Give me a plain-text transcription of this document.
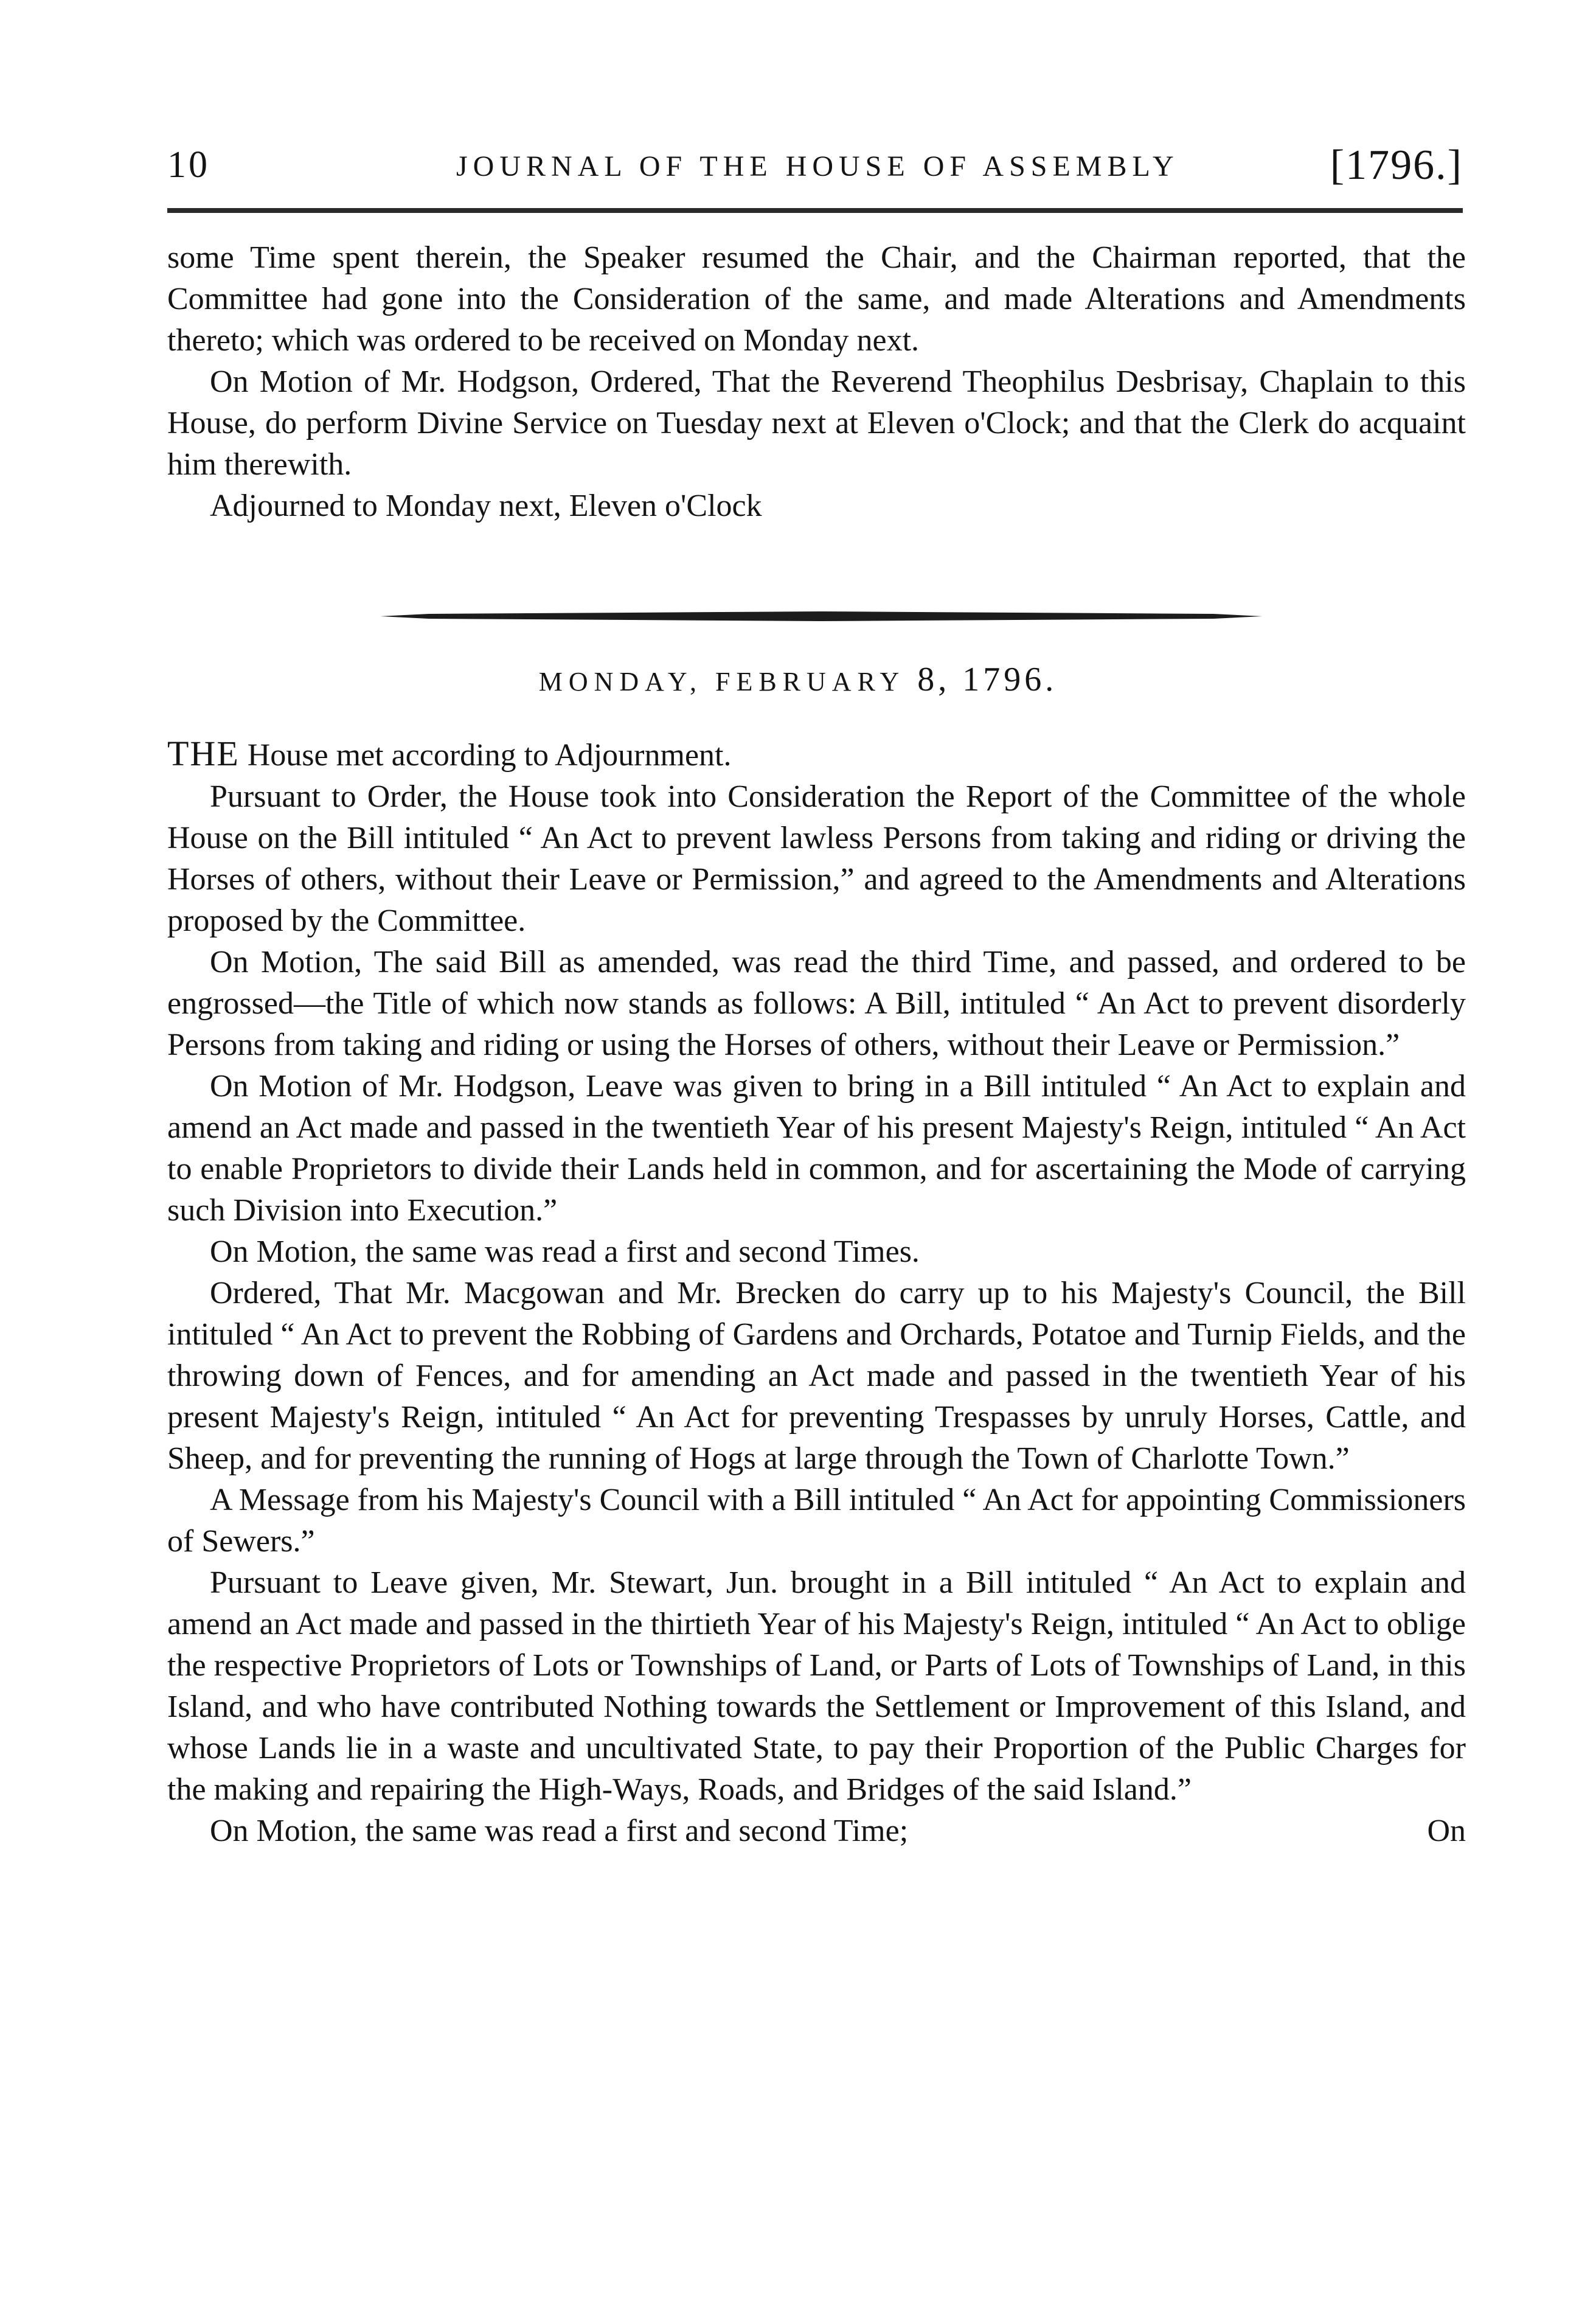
10	JOURNAL OF THE HOUSE OF ASSEMBLY	[1796.]

some Time spent therein, the Speaker resumed the Chair, and the Chairman reported, that the Committee had gone into the Consideration of the same, and made Alterations and Amendments thereto; which was ordered to be received on Monday next.

On Motion of Mr. Hodgson, Ordered, That the Reverend Theophilus Desbrisay, Chaplain to this House, do perform Divine Service on Tuesday next at Eleven o'Clock; and that the Clerk do acquaint him therewith.

Adjourned to Monday next, Eleven o'Clock

MONDAY, FEBRUARY 8, 1796.

THE House met according to Adjournment.

Pursuant to Order, the House took into Consideration the Report of the Committee of the whole House on the Bill intituled “ An Act to prevent lawless Persons from taking and riding or driving the Horses of others, without their Leave or Permission,” and agreed to the Amendments and Alterations proposed by the Committee.

On Motion, The said Bill as amended, was read the third Time, and passed, and ordered to be engrossed—the Title of which now stands as follows: A Bill, intituled “ An Act to prevent disorderly Persons from taking and riding or using the Horses of others, without their Leave or Permission.”

On Motion of Mr. Hodgson, Leave was given to bring in a Bill intituled “ An Act to explain and amend an Act made and passed in the twentieth Year of his present Majesty's Reign, intituled “ An Act to enable Proprietors to divide their Lands held in common, and for ascertaining the Mode of carrying such Division into Execution.”

On Motion, the same was read a first and second Times.

Ordered, That Mr. Macgowan and Mr. Brecken do carry up to his Majesty's Council, the Bill intituled “ An Act to prevent the Robbing of Gardens and Orchards, Potatoe and Turnip Fields, and the throwing down of Fences, and for amending an Act made and passed in the twentieth Year of his present Majesty's Reign, intituled “ An Act for preventing Trespasses by unruly Horses, Cattle, and Sheep, and for preventing the running of Hogs at large through the Town of Charlotte Town.”

A Message from his Majesty's Council with a Bill intituled “ An Act for appointing Commissioners of Sewers.”

Pursuant to Leave given, Mr. Stewart, Jun. brought in a Bill intituled “ An Act to explain and amend an Act made and passed in the thirtieth Year of his Majesty's Reign, intituled “ An Act to oblige the respective Proprietors of Lots or Townships of Land, or Parts of Lots of Townships of Land, in this Island, and who have contributed Nothing towards the Settlement or Improvement of this Island, and whose Lands lie in a waste and uncultivated State, to pay their Proportion of the Public Charges for the making and repairing the High-Ways, Roads, and Bridges of the said Island.”

On Motion, the same was read a first and second Time;	On
